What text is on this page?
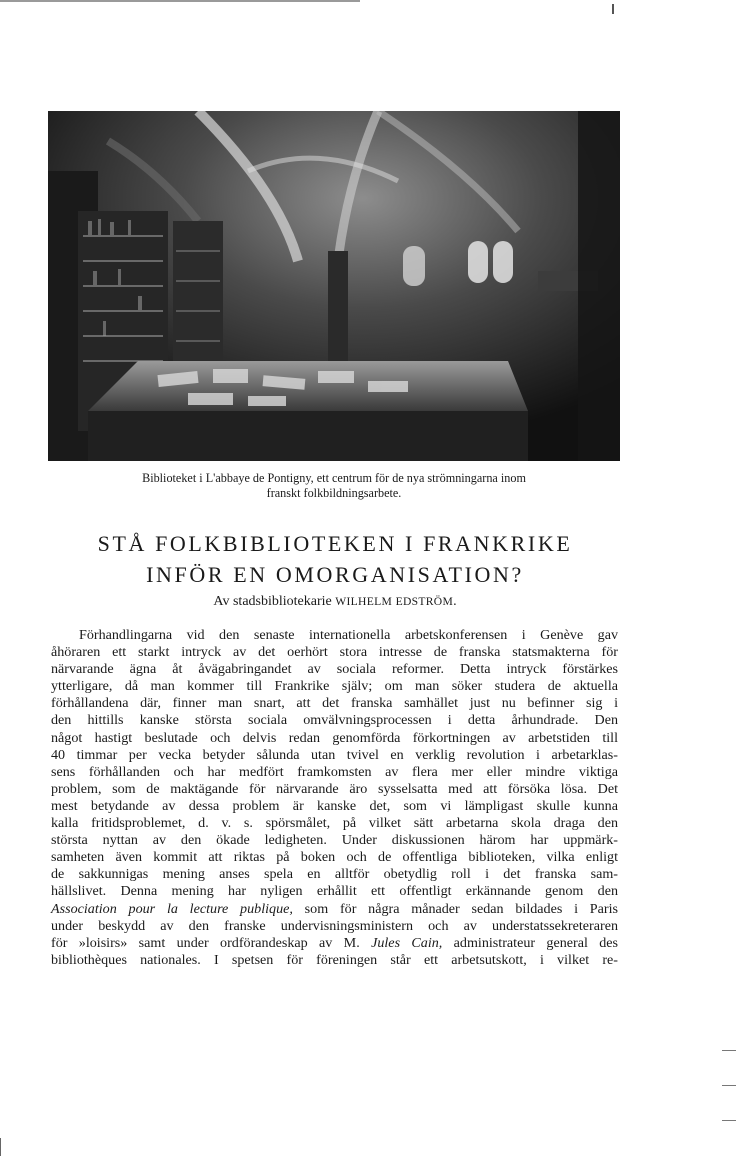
Biblioteket i L'abbaye de Pontigny, ett centrum för de nya strömningarna inom
franskt folkbildningsarbete.
STÅ FOLKBIBLIOTEKEN I FRANKRIKE
INFÖR EN OMORGANISATION?
Av stadsbibliotekarie WILHELM EDSTRÖM.
Förhandlingarna vid den senaste internationella arbetskonferensen i Genève gav
åhöraren ett starkt intryck av det oerhört stora intresse de franska statsmakterna för
närvarande ägna åt åvägabringandet av sociala reformer. Detta intryck förstärkes
ytterligare, då man kommer till Frankrike själv; om man söker studera de aktuella
förhållandena där, finner man snart, att det franska samhället just nu befinner sig i
den hittills kanske största sociala omvälvningsprocessen i detta århundrade. Den
något hastigt beslutade och delvis redan genomförda förkortningen av arbetstiden till
40 timmar per vecka betyder sålunda utan tvivel en verklig revolution i arbetarklas-
sens förhållanden och har medfört framkomsten av flera mer eller mindre viktiga
problem, som de maktägande för närvarande äro sysselsatta med att försöka lösa. Det
mest betydande av dessa problem är kanske det, som vi lämpligast skulle kunna
kalla fritidsproblemet, d. v. s. spörsmålet, på vilket sätt arbetarna skola draga den
största nyttan av den ökade ledigheten. Under diskussionen härom har uppmärk-
samheten även kommit att riktas på boken och de offentliga biblioteken, vilka enligt
de sakkunnigas mening anses spela en alltför obetydlig roll i det franska sam-
hällslivet. Denna mening har nyligen erhållit ett offentligt erkännande genom den
Association pour la lecture publique, som för några månader sedan bildades i Paris
under beskydd av den franske undervisningsministern och av understatssekreteraren
för »loisirs» samt under ordförandeskap av M. Jules Cain, administrateur general des
bibliothèques nationales. I spetsen för föreningen står ett arbetsutskott, i vilket re-
